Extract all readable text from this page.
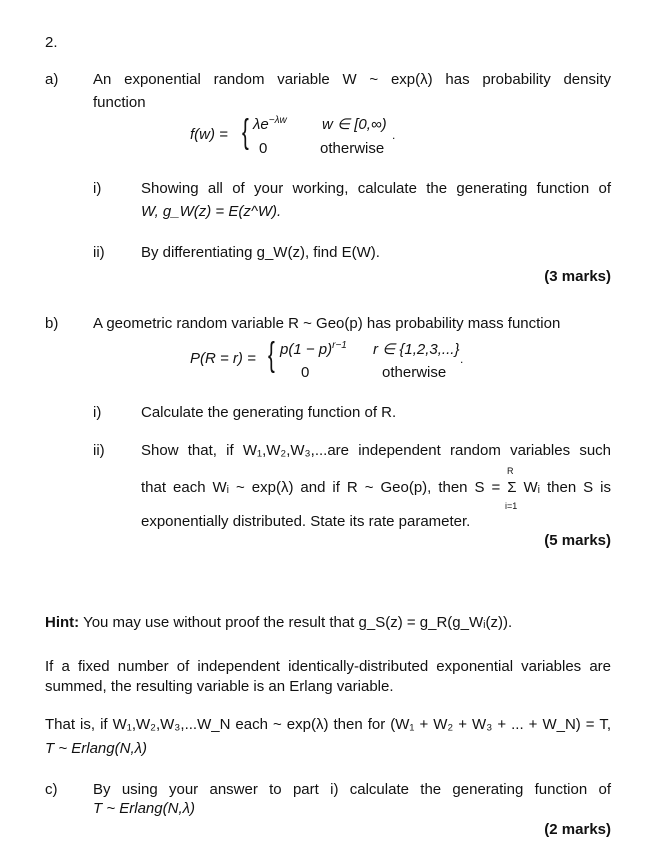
2.
a) An exponential random variable W ~ exp(λ) has probability density
function
f(w) = { $\lambda e^{-\lambda w}$ w ∈ [0,∞)
0	otherwise
.
i)	Showing all of your working, calculate the generating function of
W, g_W(z) = E(z^W).
ii) By differentiating g_W(z), find E(W).
(3 marks)
b) A geometric random variable R ~ Geo(p) has probability mass function
P(R = r) = { $p(1 - p)^{r-1}$ r ∈ {1,2,3,...}
0	otherwise
.
i)	Calculate the generating function of R.
ii) Show that, if W₁,W₂,W₃,...are independent random variables such
R
that each Wᵢ ~ exp(λ) and if R ~ Geo(p), then S = Σ Wᵢ then S is
i=1
exponentially distributed. State its rate parameter.
(5 marks)
Hint: You may use without proof the result that g_S(z) = g_R(g_Wᵢ(z)).
If a fixed number of independent identically-distributed exponential variables are
summed, the resulting variable is an Erlang variable.
That is, if W₁,W₂,W₃,...W_N each ~ exp(λ) then for (W₁ + W₂ + W₃ + ... + W_N) = T,
T ~ Erlang(N,λ)
c) By using your answer to part i) calculate the generating function of
T ~ Erlang(N,λ)
(2 marks)
